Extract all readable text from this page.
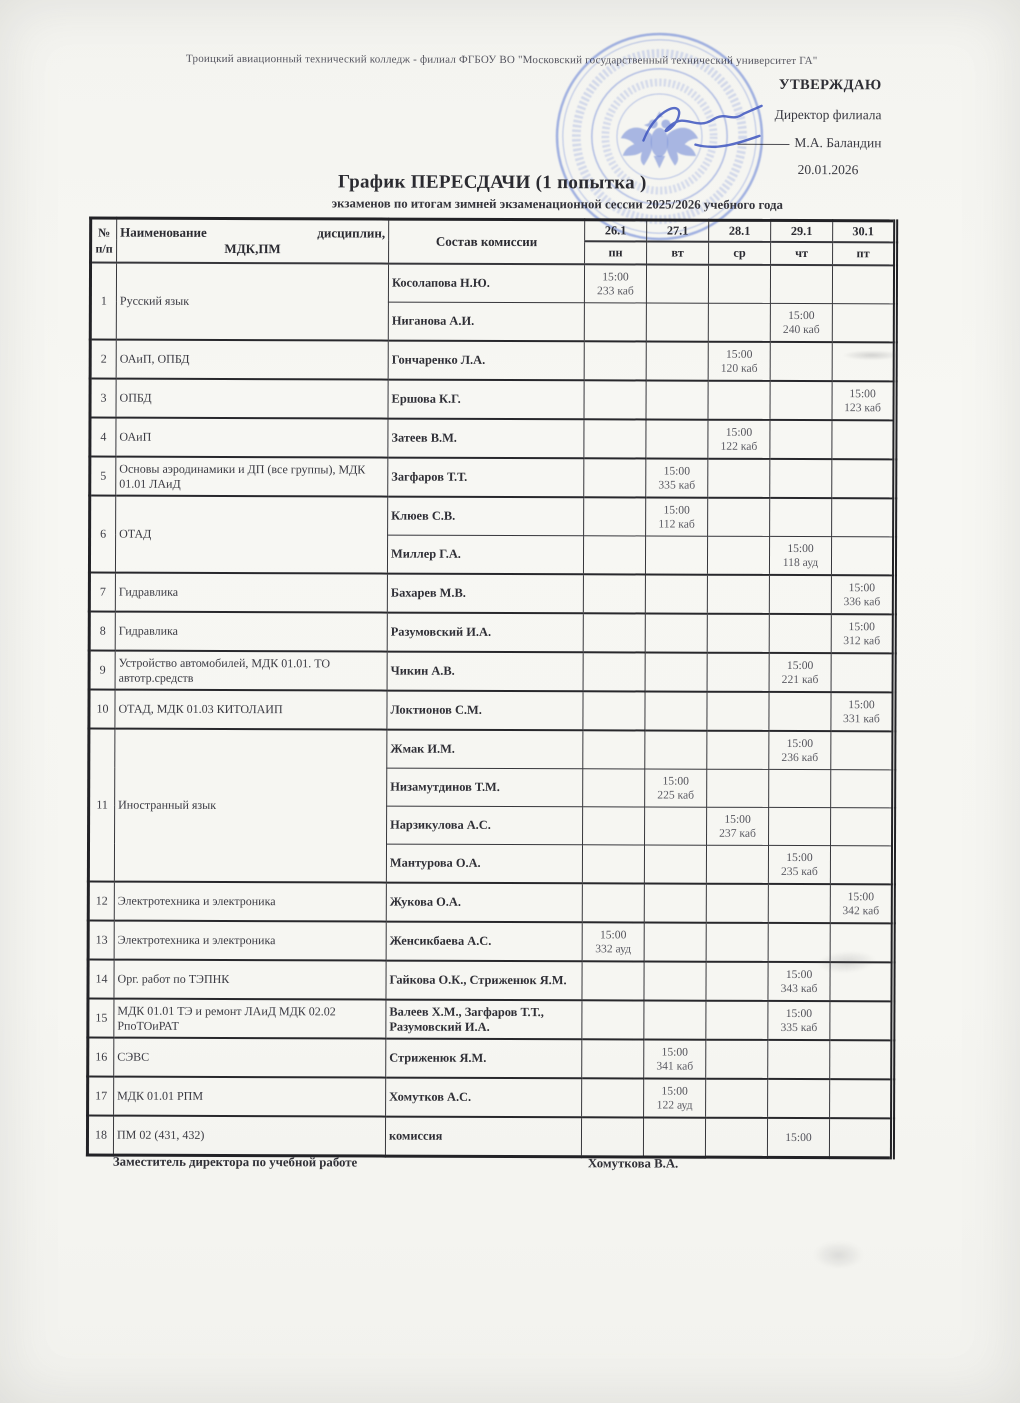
Троицкий авиационный технический колледж - филиал ФГБОУ ВО "Московский государственный технический университет ГА"
УТВЕРЖДАЮ
Директор филиала
М.А. Баландин
20.01.2026
График ПЕРЕСДАЧИ (1 попытка )
экзаменов по итогам зимней экзаменационной сессии 2025/2026 учебного года
№
п/п

Наименование	дисциплин,
МДК,ПМ	Состав комиссии	26.1	27.1	28.1	29.1	30.1
			пн	вт	ср	чт	пт
1	Русский язык	Косолапова Н.Ю.	15:00
233 каб				

		Ниганова А.И.				15:00
240 каб	

2	ОАиП, ОПБД	Гончаренко Л.А.			15:00
120 каб		

3	ОПБД	Ершова К.Г.					15:00
123 каб

4	ОАиП	Затеев В.М.			15:00
122 каб		

5	Основы аэродинамики и ДП (все группы), МДК 01.01 ЛАиД	Загфаров Т.Т.		15:00
335 каб			

6	ОТАД	Клюев С.В.		15:00
112 каб			

		Миллер Г.А.				15:00
118 ауд	

7	Гидравлика	Бахарев М.В.					15:00
336 каб

8	Гидравлика	Разумовский И.А.					15:00
312 каб

9	Устройство автомобилей, МДК 01.01. ТО автотр.средств	Чикин А.В.				15:00
221 каб	

10	ОТАД, МДК 01.03 КИТОЛАИП	Локтионов С.М.					15:00
331 каб

11	Иностранный язык	Жмак И.М.				15:00
236 каб	

		Низамутдинов Т.М.		15:00
225 каб			

		Нарзикулова А.С.			15:00
237 каб		

		Мантурова О.А.				15:00
235 каб	

12	Электротехника и электроника	Жукова О.А.					15:00
342 каб

13	Электротехника и электроника	Женсикбаева А.С.	15:00
332 ауд				

14	Орг. работ по ТЭПНК	Гайкова О.К., Стриженюк Я.М.				15:00
343 каб	

15	МДК 01.01 ТЭ и ремонт ЛАиД МДК 02.02 РпоТОиРАТ	Валеев Х.М., Загфаров Т.Т., Разумовский И.А.				15:00
335 каб	

16	СЭВС	Стриженюк Я.М.		15:00
341 каб			

17	МДК 01.01 РПМ	Хомутков А.С.		15:00
122 ауд			

18	ПМ 02 (431, 432)	комиссия				15:00	

Заместитель директора по учебной работе	Хомуткова В.А.
